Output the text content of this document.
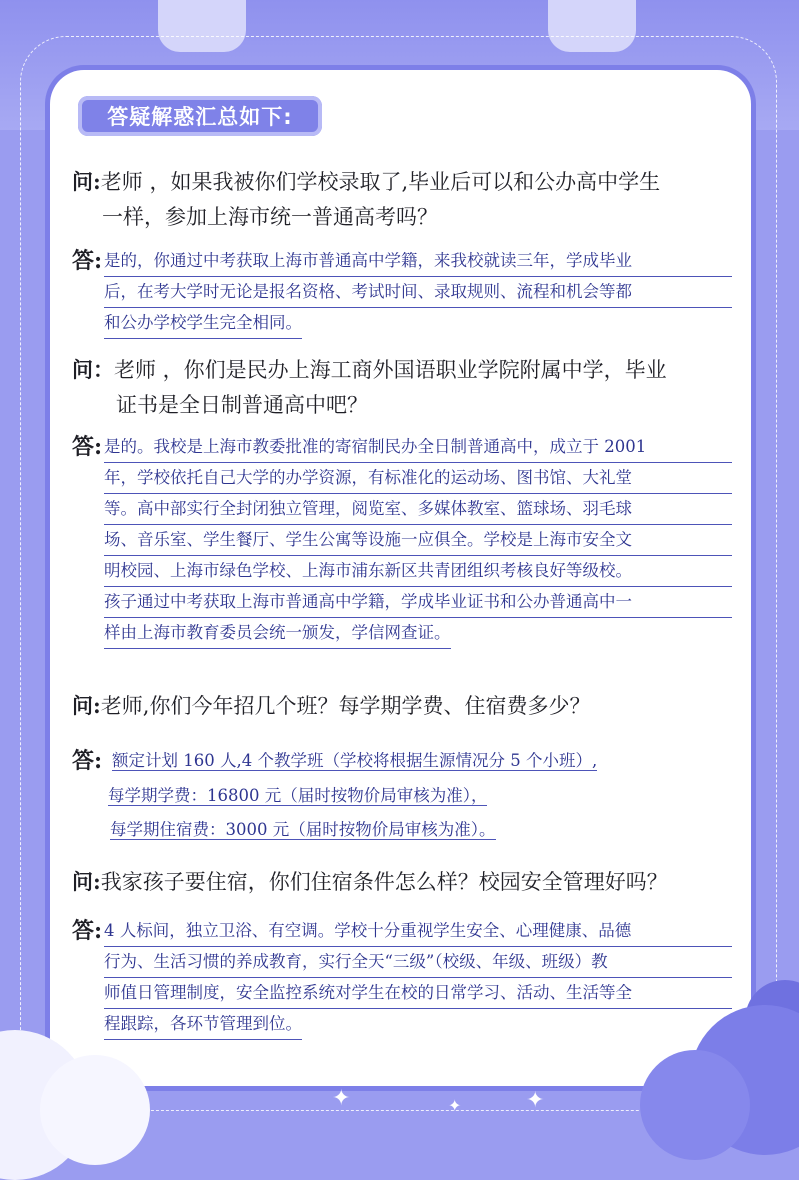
✦	✦	✦
答疑解惑汇总如下:
问:老师 ，如果我被你们学校录取了,毕业后可以和公办高中学生
一样，参加上海市统一普通高考吗？
答: 是的，你通过中考获取上海市普通高中学籍，来我校就读三年，学成毕业
后，在考大学时无论是报名资格、考试时间、录取规则、流程和机会等都
和公办学校学生完全相同。
问：老师 ，你们是民办上海工商外国语职业学院附属中学，毕业
证书是全日制普通高中吧？
答: 是的。我校是上海市教委批准的寄宿制民办全日制普通高中，成立于 2001
年，学校依托自己大学的办学资源，有标准化的运动场、图书馆、大礼堂
等。高中部实行全封闭独立管理，阅览室、多媒体教室、篮球场、羽毛球
场、音乐室、学生餐厅、学生公寓等设施一应俱全。学校是上海市安全文
明校园、上海市绿色学校、上海市浦东新区共青团组织考核良好等级校。
孩子通过中考获取上海市普通高中学籍，学成毕业证书和公办普通高中一
样由上海市教育委员会统一颁发，学信网查证。
问:老师,你们今年招几个班？每学期学费、住宿费多少？
答: 额定计划 160 人,4 个教学班（学校将根据生源情况分 5 个小班）,
每学期学费：16800 元（届时按物价局审核为准），
每学期住宿费：3000 元（届时按物价局审核为准）。
问:我家孩子要住宿，你们住宿条件怎么样？校园安全管理好吗？
答: 4 人标间，独立卫浴、有空调。学校十分重视学生安全、心理健康、品德
行为、生活习惯的养成教育，实行全天“三级”（校级、年级、班级）教
师值日管理制度，安全监控系统对学生在校的日常学习、活动、生活等全
程跟踪，各环节管理到位。
